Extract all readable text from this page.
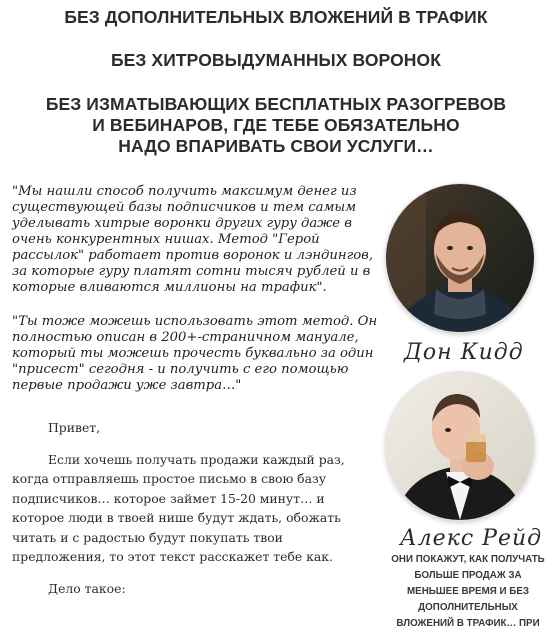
БЕЗ ДОПОЛНИТЕЛЬНЫХ ВЛОЖЕНИЙ В ТРАФИК
БЕЗ ХИТРОВЫДУМАННЫХ ВОРОНОК
БЕЗ ИЗМАТЫВАЮЩИХ БЕСПЛАТНЫХ РАЗОГРЕВОВ
И ВЕБИНАРОВ, ГДЕ ТЕБЕ ОБЯЗАТЕЛЬНО
НАДО ВПАРИВАТЬ СВОИ УСЛУГИ…
"Мы нашли способ получить максимум денег из существующей базы подписчиков и тем самым уделывать хитрые воронки других гуру даже в очень конкурентных нишах. Метод "Герой рассылок" работает против воронок и лэндингов, за которые гуру платят сотни тысяч рублей и в которые вливаются миллионы на трафик".
"Ты тоже можешь использовать этот метод. Он полностью описан в 200+-страничном мануале, который ты можешь прочесть буквально за один "присест" сегодня - и получить с его помощью первые продажи уже завтра…"

Привет,

Если хочешь получать продажи каждый раз, когда отправляешь простое письмо в свою базу подписчиков… которое займет 15-20 минут… и которое люди в твоей нише будут ждать, обожать читать и с радостью будут покупать твои предложения, то этот текст расскажет тебе как.

Дело такое:

Дон Кидд
Алекс Рейд
ОНИ ПОКАЖУТ, КАК ПОЛУЧАТЬ БОЛЬШЕ ПРОДАЖ ЗА МЕНЬШЕЕ ВРЕМЯ И БЕЗ ДОПОЛНИТЕЛЬНЫХ ВЛОЖЕНИЙ В ТРАФИК… ПРИ
